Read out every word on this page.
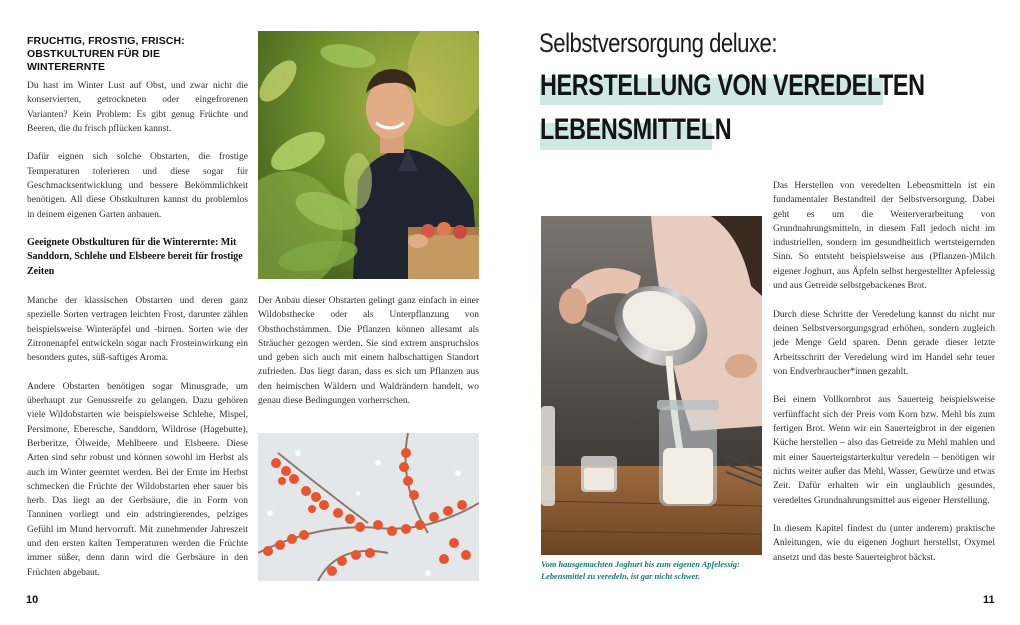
FRUCHTIG, FROSTIG, FRISCH: OBSTKULTUREN FÜR DIE WINTERERNTE

Du hast im Winter Lust auf Obst, und zwar nicht die konservierten, getrockneten oder eingefrorenen Varianten? Kein Problem: Es gibt genug Früchte und Beeren, die du frisch pflücken kannst.

Dafür eignen sich solche Obstarten, die frostige Temperaturen tolerieren und diese sogar für Geschmacksentwicklung und bessere Bekömmlichkeit benötigen. All diese Obstkulturen kannst du problemlos in deinem eigenen Garten anbauen.

Geeignete Obstkulturen für die Winterernte: Mit Sanddorn, Schlehe und Elsbeere bereit für frostige Zeiten

Manche der klassischen Obstarten und deren ganz spezielle Sorten vertragen leichten Frost, darunter zählen beispielsweise Winteräpfel und -birnen. Sorten wie der Zitronenapfel entwickeln sogar nach Frosteinwirkung ein besonders gutes, süß-saftiges Aroma.

Andere Obstarten benötigen sogar Minusgrade, um überhaupt zur Genussreife zu gelangen. Dazu gehören viele Wildobstarten wie beispielsweise Schlehe, Mispel, Persimone, Eberesche, Sanddorn, Wildrose (Hagebutte), Berberitze, Ölweide, Mehlbeere und Elsbeere. Diese Arten sind sehr robust und können sowohl im Herbst als auch im Winter geerntet werden. Bei der Ernte im Herbst schmecken die Früchte der Wildobstarten eher sauer bis herb. Das liegt an der Gerbsäure, die in Form von Tanninen vorliegt und ein adstringierendes, pelziges Gefühl im Mund hervorruft. Mit zunehmender Jahreszeit und den ersten kalten Temperaturen werden die Früchte immer süßer, denn dann wird die Gerbsäure in den Früchten abgebaut.

Der Anbau dieser Obstarten gelingt ganz einfach in einer Wildobsthecke oder als Unterpflanzung von Obsthochstämmen. Die Pflanzen können allesamt als Sträucher gezogen werden. Sie sind extrem anspruchslos und geben sich auch mit einem halbschattigen Standort zufrieden. Das liegt daran, dass es sich um Pflanzen aus den heimischen Wäldern und Waldrändern handelt, wo genau diese Bedingungen vorherrschen.
10
Selbstversorgung deluxe:
HERSTELLUNG VON VEREDELTEN
LEBENSMITTELN
Vom hausgemachten Joghurt bis zum eigenen Apfelessig: Lebensmittel zu veredeln, ist gar nicht schwer.

Das Herstellen von veredelten Lebensmitteln ist ein fundamentaler Bestandteil der Selbstversorgung. Dabei geht es um die Weiterverarbeitung von Grundnahrungsmitteln, in diesem Fall jedoch nicht im industriellen, sondern im gesundheitlich wertsteigernden Sinn. So entsteht beispielsweise aus (Pflanzen-)Milch eigener Joghurt, aus Äpfeln selbst hergestellter Apfelessig und aus Getreide selbstgebackenes Brot.

Durch diese Schritte der Veredelung kannst du nicht nur deinen Selbstversorgungsgrad erhöhen, sondern zugleich jede Menge Geld sparen. Denn gerade dieser letzte Arbeitsschritt der Veredelung wird im Handel sehr teuer von Endverbraucher*innen gezahlt.

Bei einem Vollkornbrot aus Sauerteig beispielsweise verfünffacht sich der Preis vom Korn bzw. Mehl bis zum fertigen Brot. Wenn wir ein Sauerteigbrot in der eigenen Küche herstellen – also das Getreide zu Mehl mahlen und mit einer Sauerteigstarterkultur veredeln – benötigen wir nichts weiter außer das Mehl, Wasser, Gewürze und etwas Zeit. Dafür erhalten wir ein unglaublich gesundes, veredeltes Grundnahrungsmittel aus eigener Herstellung.

In diesem Kapitel findest du (unter anderem) praktische Anleitungen, wie du eigenen Joghurt herstellst, Oxymel ansetzt und das beste Sauerteigbrot bäckst.

11
